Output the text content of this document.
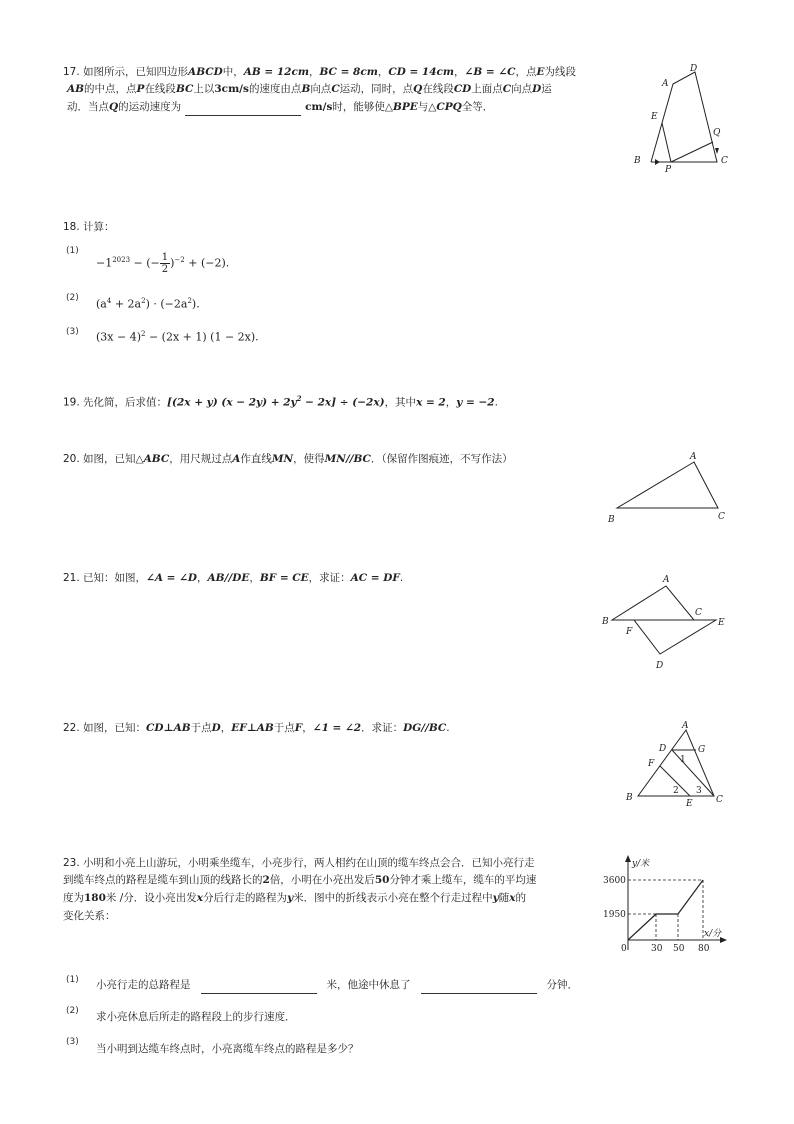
17. 如图所示，已知四边形ABCD中，AB = 12cm，BC = 8cm，CD = 14cm，∠B = ∠C，点E为线段
AB的中点，点P在线段BC上以3cm/s的速度由点B向点C运动，同时，点Q在线段CD上面点C向点D运
动．当点Q的运动速度为	cm/s时，能够使△BPE与△CPQ全等．
A
D
E
Q
B
P
C
18. 计算：
(1)
$-1^{2023}$ − (− $\frac{1}{2} )^{-2} + (-2)$.
(2) $(a^4 + 2a^2) \cdot (-2a^2)$.
(3) $(3x - 4)^2 - (2x + 1)$ (1 − 2x).
19. 先化简，后求值：[(2x + y) $(x - 2y) + 2y^2 - 2x] \div (-2x)$，其中x = 2，y = −2.
20. 如图，已知△ABC，用尺规过点A作直线MN，使得MN//BC．（保留作图痕迹，不写作法）	A
B	C
21. 已知：如图，∠A = ∠D，AB//DE，BF = CE，求证：AC = DF.	A
B
C
F
E
D
22. 如图，已知：CD⊥AB于点D，EF⊥AB于点F，∠1 = ∠2．求证：DG//BC.	A
D	G
F
B
E	C
1
2 3
23. 小明和小亮上山游玩，小明乘坐缆车，小亮步行，两人相约在山顶的缆车终点会合．已知小亮行走
到缆车终点的路程是缆车到山顶的线路长的2倍，小明在小亮出发后50分钟才乘上缆车，缆车的平均速
度为180米 /分．设小亮出发x分后行走的路程为y米．图中的折线表示小亮在整个行走过程中y随x的
变化关系：
y/米
x/分
3600
1950
0	30 50 80
(1) 小亮行走的总路程是	米，他途中休息了	分钟．
(2) 求小亮休息后所走的路程段上的步行速度．
(3)
当小明到达缆车终点时，小亮离缆车终点的路程是多少？
